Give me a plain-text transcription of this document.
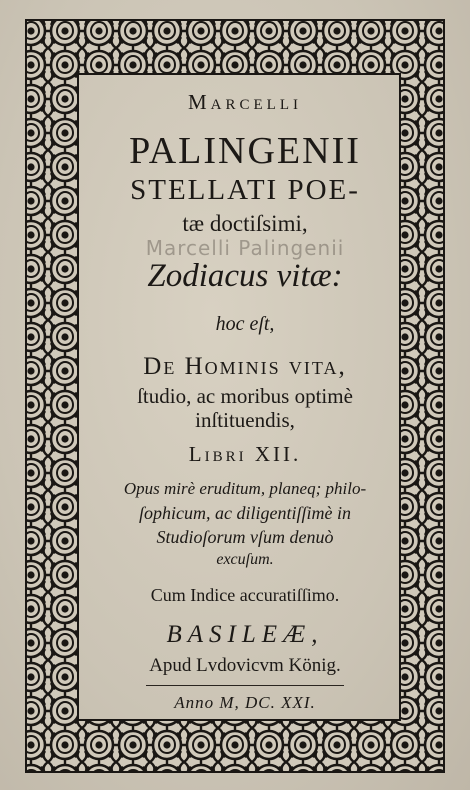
Marcelli
PALINGENII
STELLATI POE-
tæ doctiſsimi,
Marcelli Palingenii
Zodiacus vitæ:
hoc eſt,
De Hominis vita,
ſtudio, ac moribus optimè
inſtituendis,
Libri XII.
Opus mirè eruditum, planeq; philo-
ſophicum, ac diligentiſſimè in
Studioſorum vſum denuò
excuſum.
Cum Indice accuratiſſimo.
BASILEÆ,
Apud Lvdovicvm König.
Anno M, DC. XXI.
